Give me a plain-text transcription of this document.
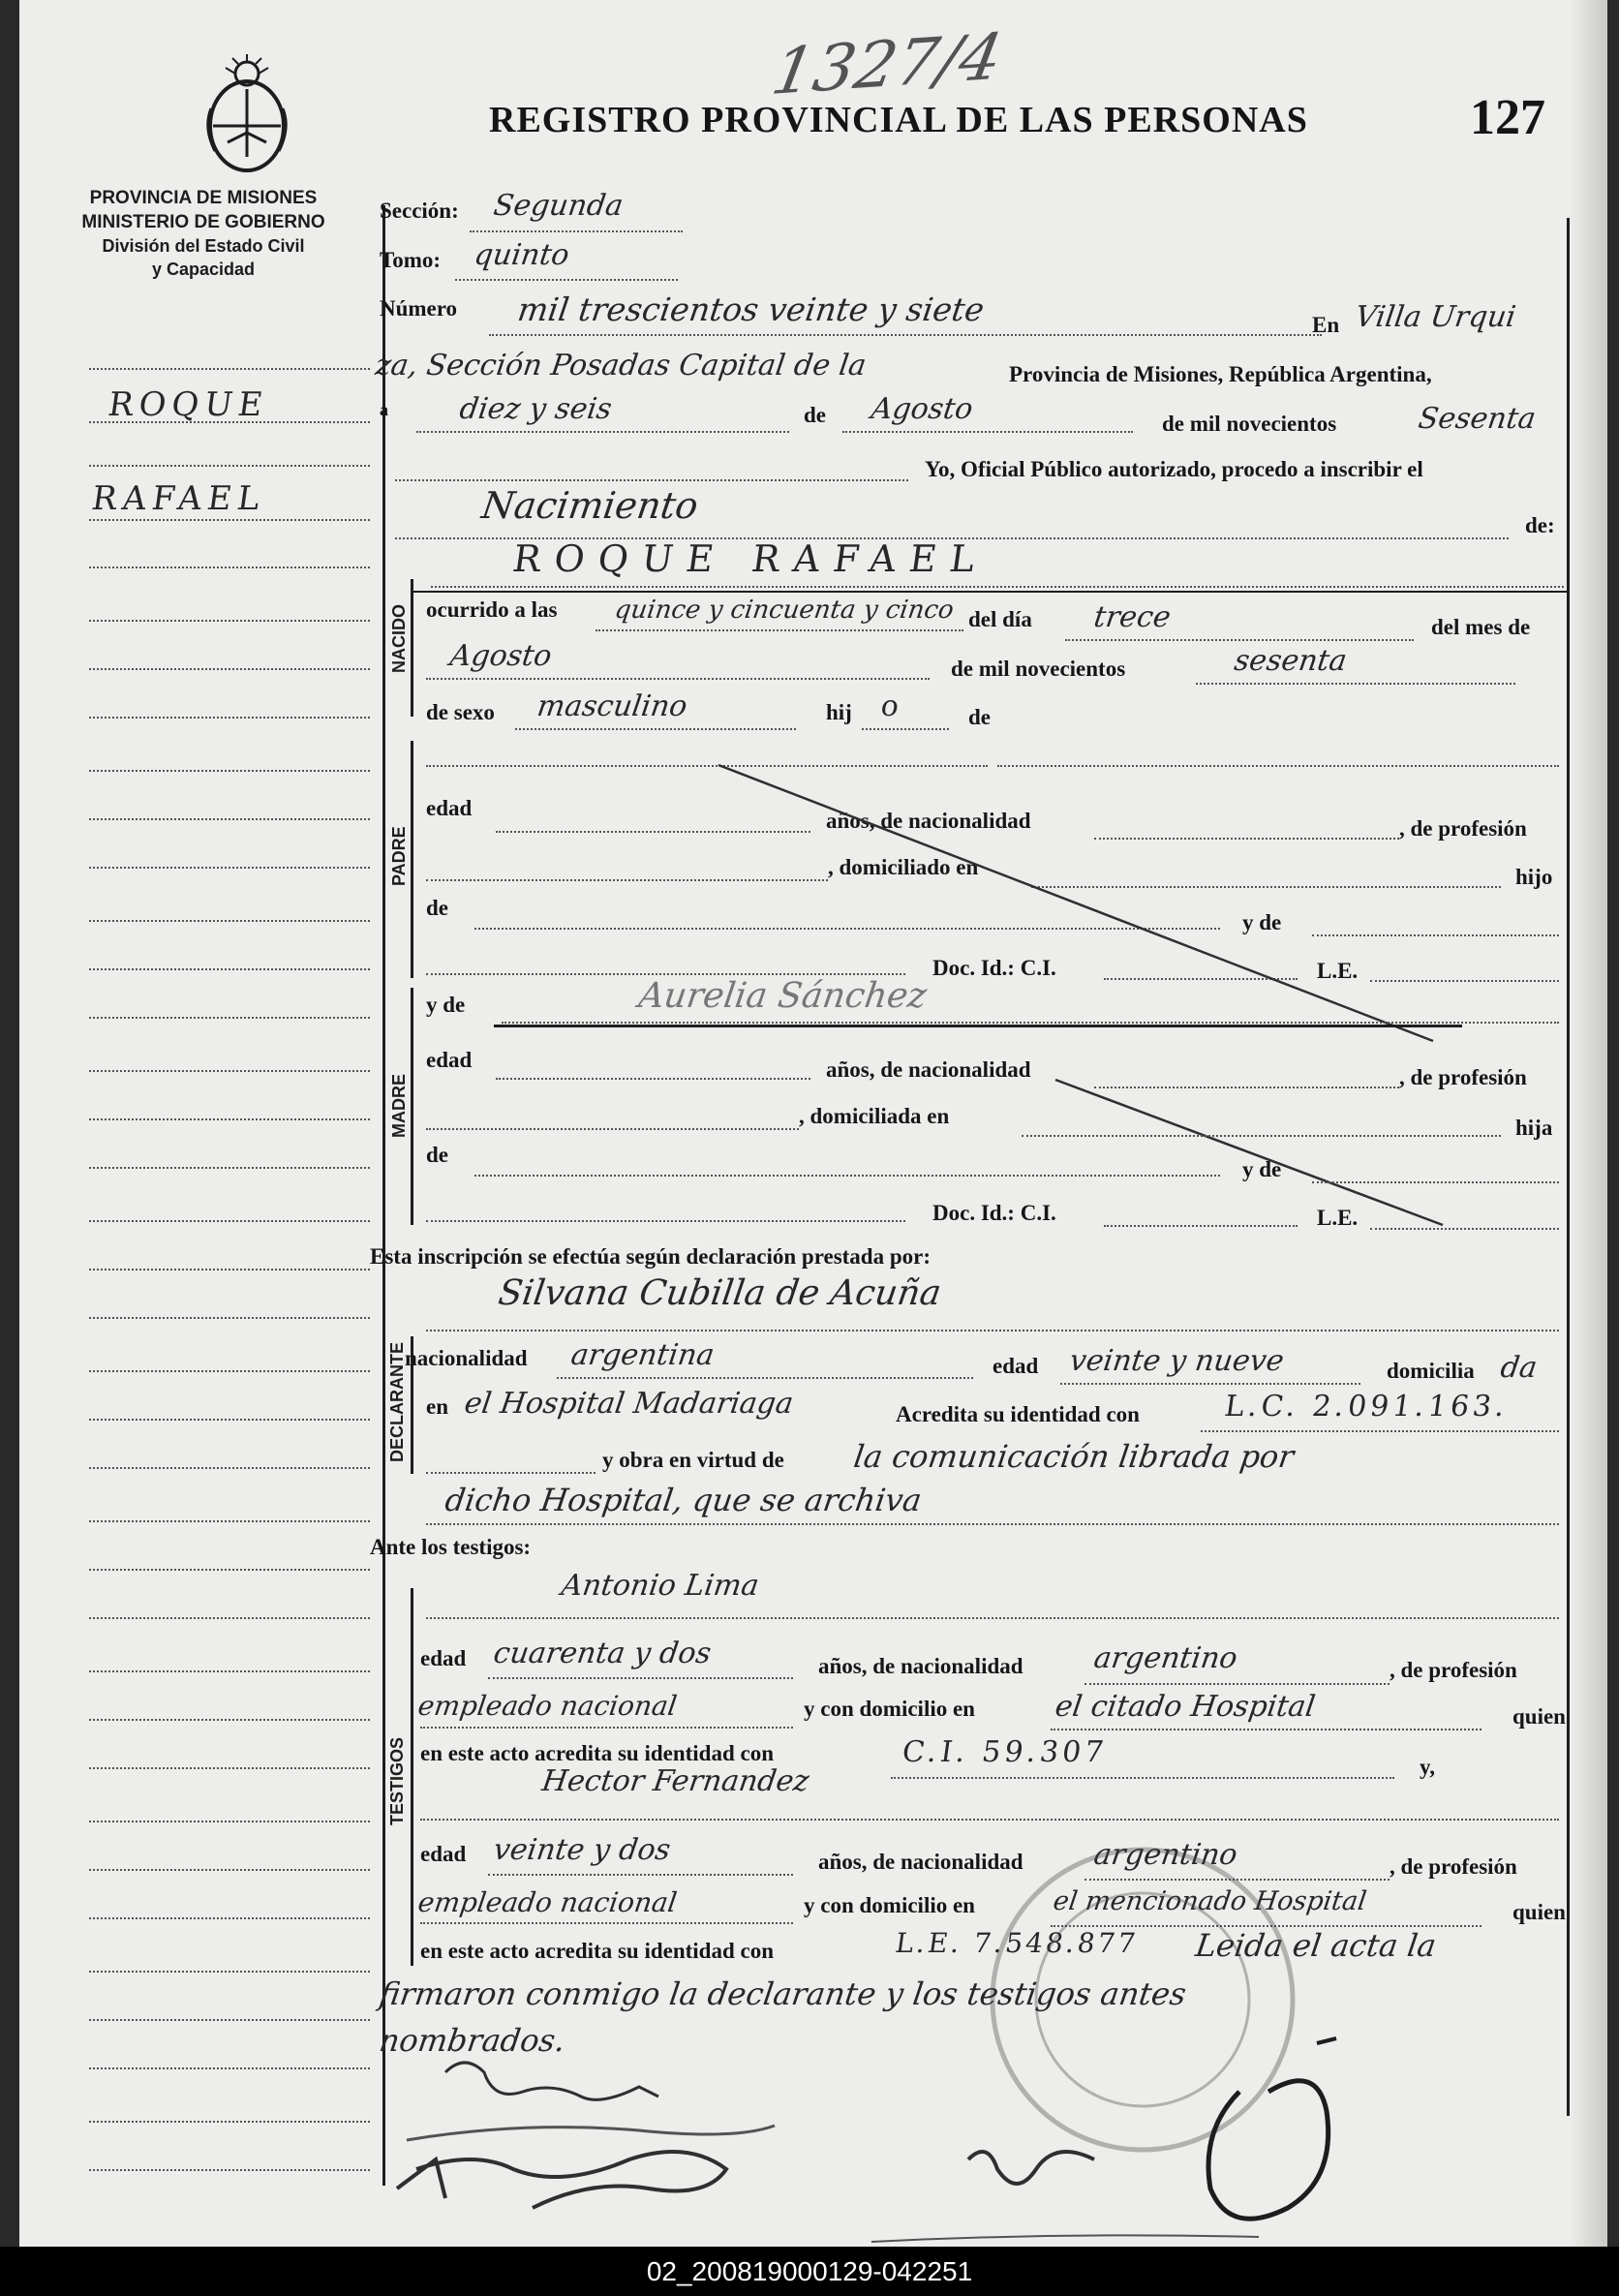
1327/4
REGISTRO PROVINCIAL DE LAS PERSONAS	127
PROVINCIA DE MISIONES
MINISTERIO DE GOBIERNO
División del Estado Civil
y Capacidad
ROQUE
RAFAEL
Sección: Segunda
Tomo: quinto
Número mil trescientos veinte y siete	En Villa Urqui
za, Sección Posadas Capital de la	Provincia de Misiones, República Argentina,
a diez y seis	de Agosto	de mil novecientos	Sesenta
Yo, Oficial Público autorizado, procedo a inscribir el
Nacimiento	de:
ROQUE RAFAEL
NACIDO ocurrido a las quince y cincuenta y cinco del día trece	del mes de
Agosto	de mil novecientos	sesenta
de sexo masculino	hij o	de
PADRE
edad
años, de nacionalidad	, de profesión
, domiciliado en	hijo
de
y de
Doc. Id.: C.I.	L.E.
MADRE
y de	Aurelia Sánchez
edad	años, de nacionalidad	, de profesión
, domiciliada en	hija
de
y de
Doc. Id.: C.I.	L.E.
Esta inscripción se efectúa según declaración prestada por:
Silvana Cubilla de Acuña
DECLARANTE
nacionalidad argentina	edad veinte y nueve	domicilia da
en el Hospital Madariaga	Acredita su identidad con	L.C. 2.091.163.
y obra en virtud de la comunicación librada por
dicho Hospital, que se archiva
Ante los testigos:
TESTIGOS
Antonio Lima
edad cuarenta y dos	años, de nacionalidad argentino	, de profesión
empleado nacional	y con domicilio en	el citado Hospital	quien
en este acto acredita su identidad con	C.I. 59.307	y,
Hector Fernandez
edad veinte y dos	años, de nacionalidad argentino	, de profesión
empleado nacional	y con domicilio en	el mencionado Hospital	quien
en este acto acredita su identidad con	L.E. 7.548.877 Leida el acta la
firmaron conmigo la declarante y los testigos antes
nombrados.
02_200819000129-042251
